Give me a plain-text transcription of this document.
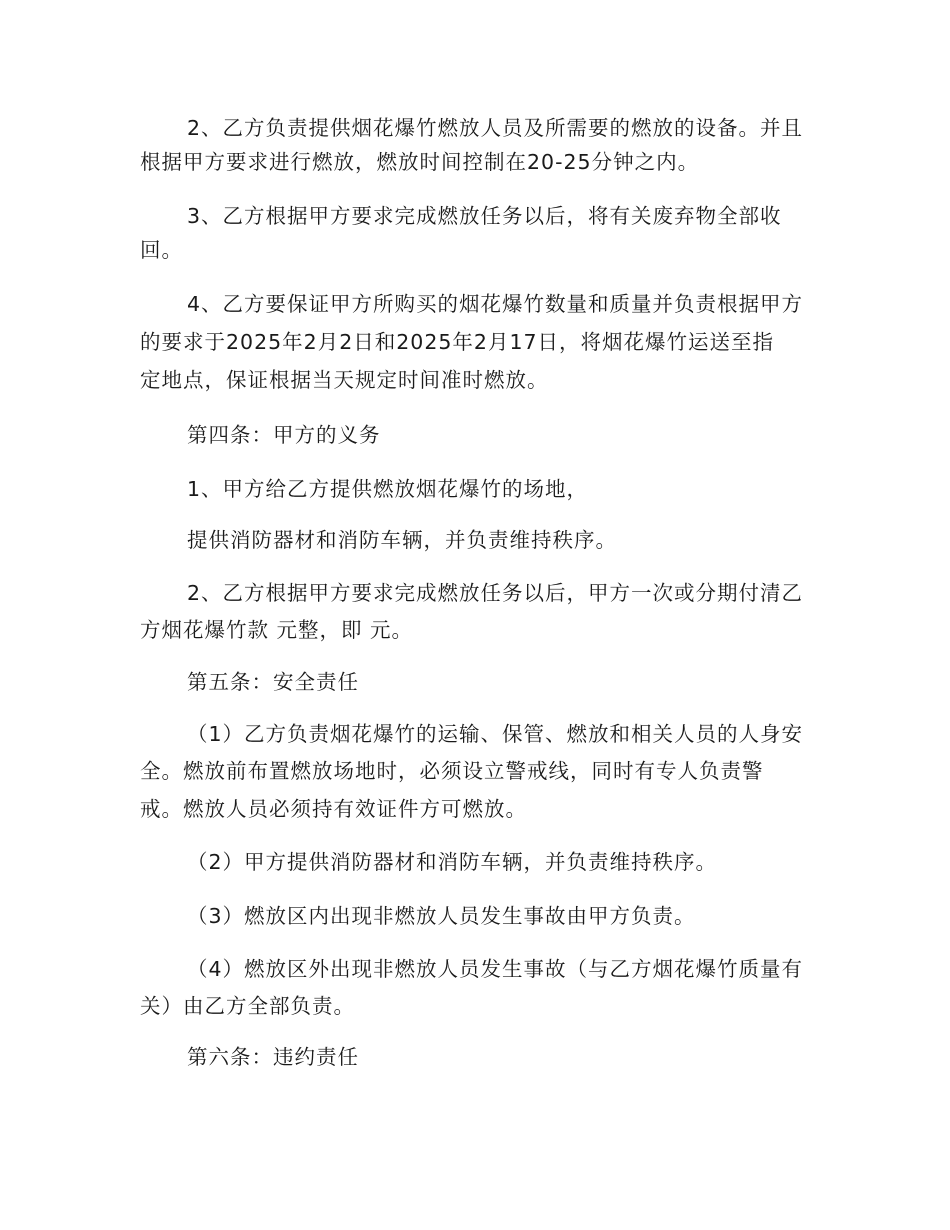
2、乙方负责提供烟花爆竹燃放人员及所需要的燃放的设备。并且

根据甲方要求进行燃放，燃放时间控制在20-25分钟之内。

3、乙方根据甲方要求完成燃放任务以后，将有关废弃物全部收

回。

4、乙方要保证甲方所购买的烟花爆竹数量和质量并负责根据甲方

的要求于2025年2月2日和2025年2月17日，将烟花爆竹运送至指

定地点，保证根据当天规定时间准时燃放。

第四条：甲方的义务

1、甲方给乙方提供燃放烟花爆竹的场地，

提供消防器材和消防车辆，并负责维持秩序。

2、乙方根据甲方要求完成燃放任务以后，甲方一次或分期付清乙

方烟花爆竹款 元整，即 元。

第五条：安全责任

（1）乙方负责烟花爆竹的运输、保管、燃放和相关人员的人身安

全。燃放前布置燃放场地时，必须设立警戒线，同时有专人负责警

戒。燃放人员必须持有效证件方可燃放。

（2）甲方提供消防器材和消防车辆，并负责维持秩序。

（3）燃放区内出现非燃放人员发生事故由甲方负责。

（4）燃放区外出现非燃放人员发生事故（与乙方烟花爆竹质量有

关）由乙方全部负责。

第六条：违约责任
